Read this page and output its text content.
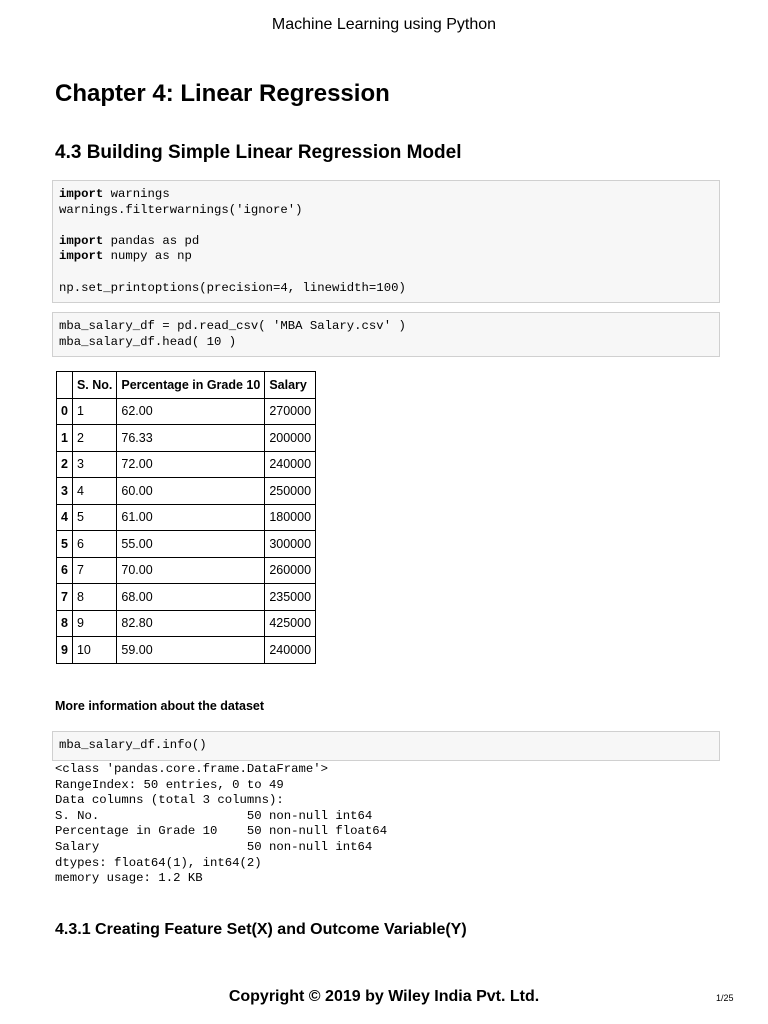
Machine Learning using Python
Chapter 4: Linear Regression
4.3 Building Simple Linear Regression Model
import warnings
warnings.filterwarnings('ignore')
import pandas as pd
import numpy as np
np.set_printoptions(precision=4, linewidth=100)
mba_salary_df = pd.read_csv( 'MBA Salary.csv' )
mba_salary_df.head( 10 )
	S. No.	Percentage in Grade 10	Salary
0	1	62.00	270000
1	2	76.33	200000
2	3	72.00	240000
3	4	60.00	250000
4	5	61.00	180000
5	6	55.00	300000
6	7	70.00	260000
7	8	68.00	235000
8	9	82.80	425000
9	10	59.00	240000
More information about the dataset
mba_salary_df.info()
<class 'pandas.core.frame.DataFrame'>
RangeIndex: 50 entries, 0 to 49
Data columns (total 3 columns):
S. No.                    50 non-null int64
Percentage in Grade 10    50 non-null float64
Salary                    50 non-null int64
dtypes: float64(1), int64(2)
memory usage: 1.2 KB
4.3.1 Creating Feature Set(X) and Outcome Variable(Y)
Copyright © 2019 by Wiley India Pvt. Ltd.	1/25
